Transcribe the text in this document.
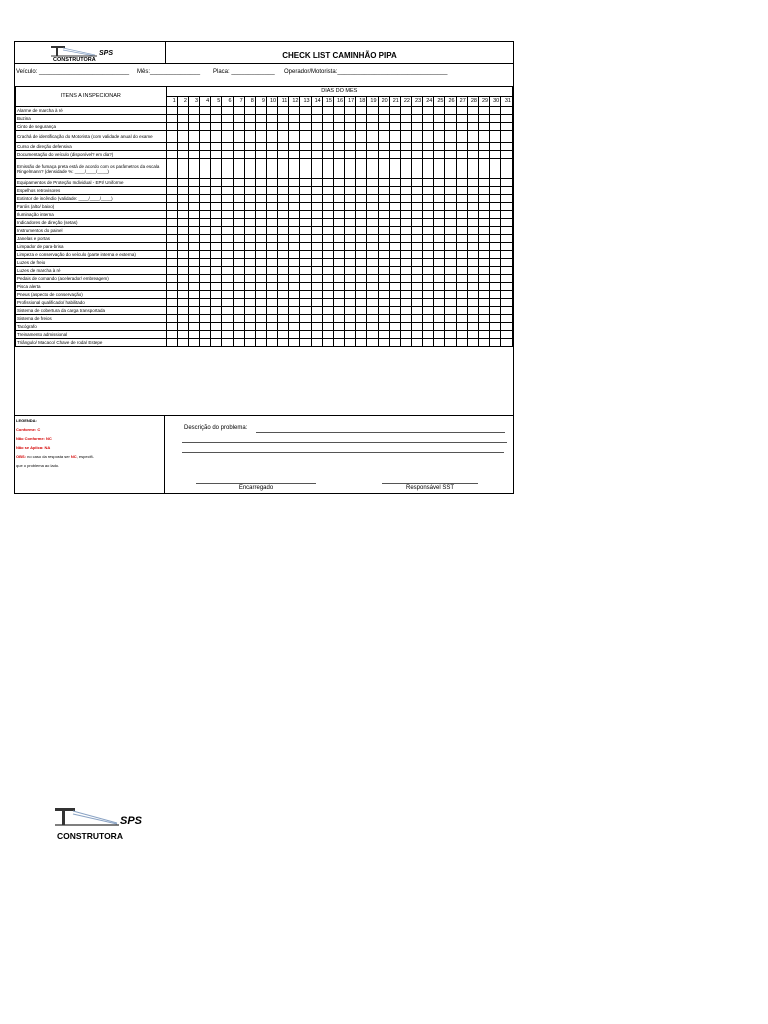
SPS
CONSTRUTORA	CHECK LIST CAMINHÃO PIPA
Veículo: ___________________________ Mês:_______________ Placa: _____________ Operador/Motorista:_________________________________
ITENS A INSPECIONAR	DIAS DO MES																														
	1	2	3	4	5	6	7	8	9	10	11	12	13	14	15	16	17	18	19	20	21	22	23	24	25	26	27	28	29	30	31
Alarme de marcha à ré																															
Buzina																															
Cinto de segurança																															
Crachá de identificação do Motorista (com validade anual do exame																															
Curso de direção defensiva																															
Documentação do veículo (disponível? em dia?)																															
Emissão de fumaça preta está de acordo com os parâmetros da escala Ringelmann? (densidade %: ____/____/____)																															
Equipamentos de Proteção Individual - EPI/ Uniforme																															
Espelhos retrovisores																															
Extintor de incêndio (validade: ____/____/____)																															
Faróis (alto/ baixo)																															
Iluminação interna																															
Indicadores de direção (setas)																															
Instrumentos do painel																															
Janelas e portas																															
Limpador de para-brisa																															
Limpeza e conservação do veículo (parte interna e externa)																															
Luzes de freio																															
Luzes de marcha à ré																															
Pedais de comando (acelerador/ embreagem)																															
Pisca alerta																															
Pneus (aspecto de conservação)																															
Profissional qualificado/ habilitado																															
Sistema de cobertura da carga transportada																															
Sistema de freios																															
Tacógrafo																															
Treinamento admissional																															
Triângulo/ Macaco/ Chave de roda/ Estepe																															
LEGENDA:
Conforme: C
Não Conforme: NC
Não se Aplica: NA
OBS: no caso da resposta ser NC, especifi-
que o problema ao lado.
Descrição do problema:
Encarregado	Responsável SST
SPS
CONSTRUTORA
